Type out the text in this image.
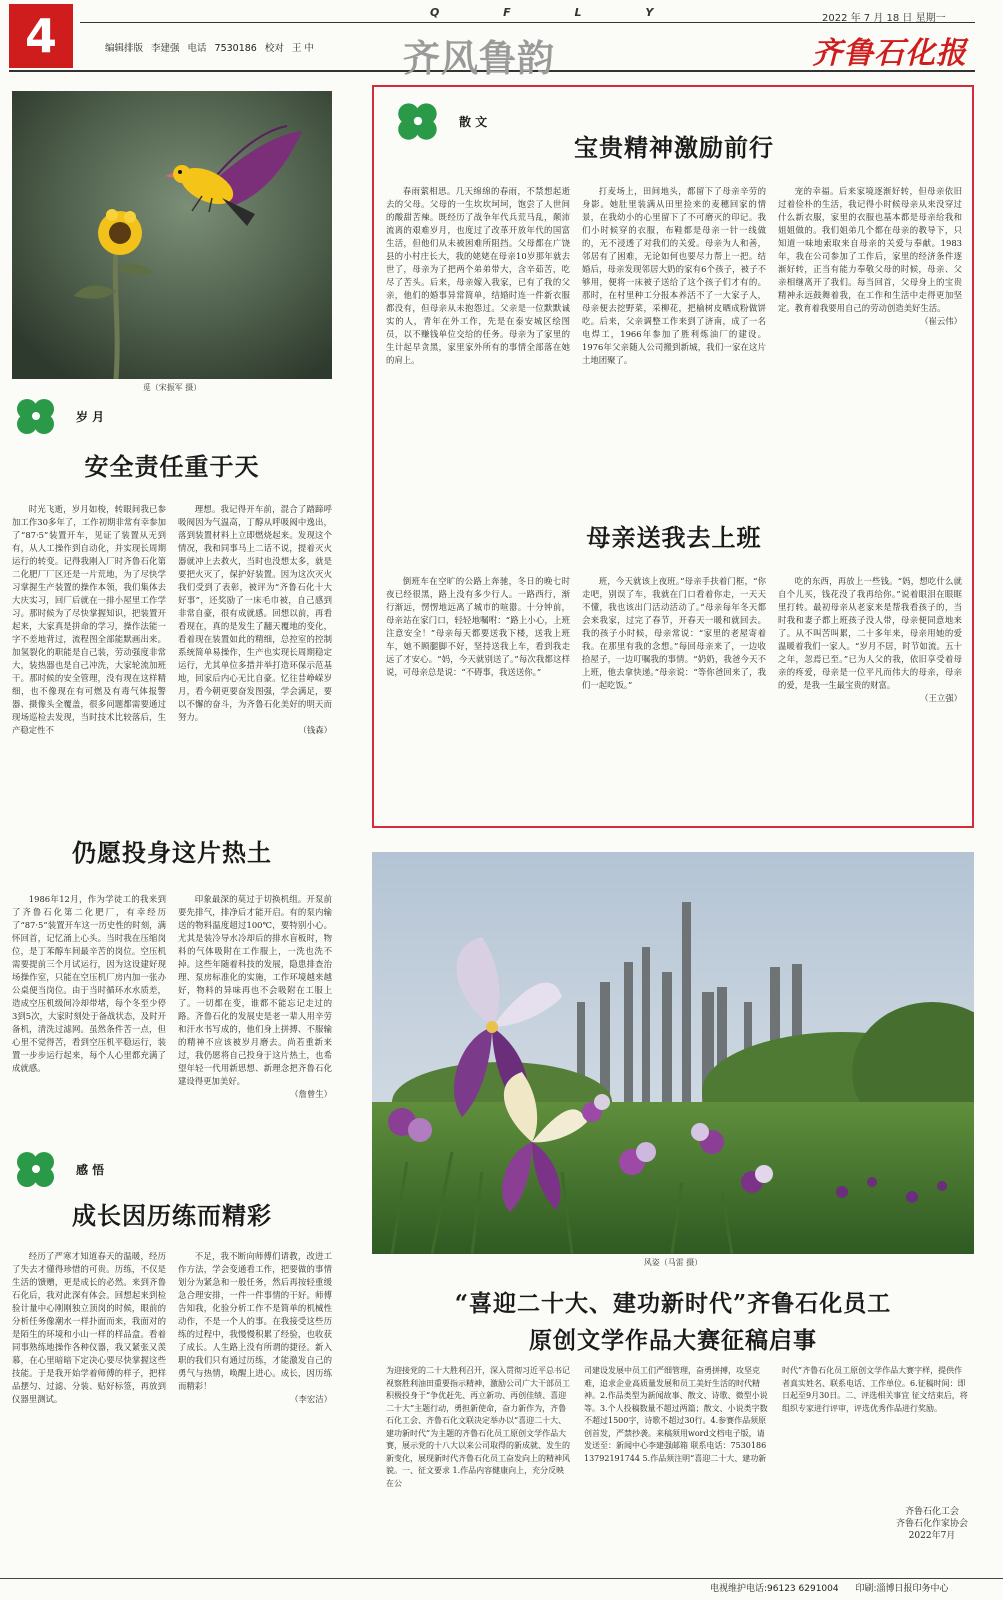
4	Q F L Y
编辑排版 李建强 电话 7530186 校对 王 中 齐风鲁韵
2022 年 7 月 18 日 星期一
齐鲁石化报
觅（宋振军 摄）
岁 月
安全责任重于天

时光飞逝，岁月如梭，转眼间我已参加工作30多年了，工作初期非常有幸参加了“87·5”装置开车，见证了装置从无到有，从人工操作到自动化，并实现长周期运行的转变。记得我刚入厂时齐鲁石化第二化肥厂厂区还是一片荒地，为了尽快学习掌握生产装置的操作本领，我们集体去大庆实习，回厂后就在一排小屋里工作学习。那时候为了尽快掌握知识，把装置开起来，大家真是拼命的学习，操作法能一字不差地背过，流程图全部能默画出来。加氢裂化的职能是自己装，劳动强度非常大，装热器也是自己冲洗，大家轮流加班干。那时候的安全管理，没有现在这样精细，也不像现在有可燃及有毒气体报警器、摄像头全覆盖，很多问题都需要通过现场巡检去发现，当时技术比较落后，生产稳定性不

理想。我记得开车前，混合了踏蹄呼吸阀因为气温高，丁醇从呼吸阀中逸出，落到装置材料上立即燃烧起来。发现这个情况，我和同事马上二话不说，提着灭火器就冲上去救火，当时也没想太多，就是要把火灭了，保护好装置。因为这次灭火我们受到了表彰，被评为“齐鲁石化十大好事”，还奖励了一床毛巾被，自己感到非常自豪，很有成就感。回想以前，再看看现在，真的是发生了翻天覆地的变化，看着现在装置如此的精细，总控室的控制系统简单易操作，生产也实现长周期稳定运行，尤其单位多措并举打造环保示范基地，回家后内心无比自豪。忆往昔峥嵘岁月，看今朝更要奋发图强，学会满足，要以不懈的奋斗，为齐鲁石化美好的明天而努力。

（钱森）
仍愿投身这片热土

1986年12月，作为学徒工的我来到了齐鲁石化第二化肥厂，有幸经历了“87·5”装置开车这一历史性的时刻，满怀回首，记忆涌上心头。当时我在压缩岗位，是丁苯醇车间最辛苦的岗位。空压机需要提前三个月试运行，因为这设建好现场操作室，只能在空压机厂房内加一张办公桌便当岗位。由于当时循环水水质差，造成空压机级间冷却带堵，每个冬至少停3到5次，大家时刻处于备战状态，及时开备机，清洗过滤网。虽然条件苦一点，但心里不觉得苦，看到空压机平稳运行，装置一步步运行起来，每个人心里都充满了成就感。

印象最深的莫过于切换机组。开泵前要先排气，排净后才能开启。有的泵内输送的物料温度超过100℃，要特别小心。尤其是装冷导水冷却后的排水盲板时，物料的气体吸附在工作服上，一洗也洗不掉。这些年随着科技的发展，隐患排查治理、泵房标准化的实施，工作环境越来越好，物料的异味再也不会吸附在工服上了。一切都在变，谁都不能忘记走过的路。齐鲁石化的发展史是老一辈人用辛劳和汗水书写成的，他们身上拼搏、不服输的精神不应该被岁月磨去。尚若重新来过，我仍愿将自己投身于这片热土，也希望年轻一代用新思想、新理念把齐鲁石化建设得更加美好。

（詹曾生）
感 悟
成长因历练而精彩

经历了严寒才知道春天的温暖，经历了失去才懂得珍惜的可贵。历练，不仅是生活的馈赠，更是成长的必然。来到齐鲁石化后，我对此深有体会。回想起来到检验计量中心刚刚独立顶岗的时候，眼前的分析任务像潮水一样扑面而来，我面对的是陌生的环境和小山一样的样品盒。看着同事熟练地操作各种仪器，我又紧张又羡慕，在心里暗暗下定决心要尽快掌握这些技能。于是我开始学着师傅的样子，把样品摆匀、过滤、分装、贴好标签，再放到仪器里测试。

不足，我不断向师傅们请教，改进工作方法，学会变通看工作，把要做的事情划分为紧急和一般任务，然后再按轻重缓急合理安排，一件一件事情的干好。师傅告知我，化验分析工作不是简单的机械性动作，不是一个人的事。在我接受这些历练的过程中，我慢慢积累了经验，也收获了成长。人生路上没有所谓的捷径。新入职的我们只有通过历练，才能激发自己的勇气与热情，唤醒上进心。成长，因历练而精彩！

（李宏洁）
散 文
宝贵精神激励前行

春雨萦相思。几天绵绵的春雨，不禁想起逝去的父母。父母的一生坎坎坷坷，饱尝了人世间的酸甜苦辣。既经历了战争年代兵荒马乱，颠沛流离的艰难岁月，也度过了改革开放年代的国富生活，但他们从未被困难所阻挡。父母都在广饶县的小村庄长大，我的姥姥在母亲10岁那年就去世了，母亲为了把两个弟弟带大，含辛茹苦，吃尽了苦头。后来，母亲嫁入我家，已有了我的父亲，他们的婚事异常简单，结婚时连一件新衣服都没有，但母亲从未抱怨过。父亲是一位默默诚实的人，青年在外工作，先是在泰安城区绘图员，以不赚钱单位交给的任务。母亲为了家里的生计起早贪黑，家里家外所有的事情全部落在她的肩上。

打麦场上，田间地头，都留下了母亲辛劳的身影。她肚里装满从田里捡来的麦穗回家的情景，在我幼小的心里留下了不可磨灭的印记。我们小时候穿的衣服，布鞋都是母亲一针一线做的，无不浸透了对我们的关爱。母亲为人和善，邻居有了困难，无论如何也要尽力帮上一把。结婚后，母亲发现邻居大奶的家有6个孩子，被子不够用，便将一床被子送给了这个孩子们才有的。那时，在村里种工分报本养活不了一大家子人，母亲便去挖野菜，采柳花，把榆树皮晒成粉做饼吃。后来，父亲调整工作来到了济南，成了一名电焊工，1966年参加了胜利炼油厂的建设。1976年父亲随人公司搬到新城，我们一家在这片土地团聚了。

宠的幸福。后来家境逐渐好转，但母亲依旧过着俭朴的生活，我记得小时候母亲从来没穿过什么新衣服，家里的衣服也基本都是母亲给我和姐姐做的。我们姐弟几个都在母亲的教导下，只知道一味地索取来自母亲的关爱与奉献。1983年，我在公司参加了工作后，家里的经济条件逐渐好转，正当有能力奉敬父母的时候，母亲、父亲相继离开了我们。每当回首，父母身上的宝贵精神永远鼓舞着我，在工作和生活中走得更加坚定。教育着我要用自己的劳动创造美好生活。

（崔云伟）
母亲送我去上班

倒班车在空旷的公路上奔驰，冬日的晚七时夜已经很黑，路上没有多少行人。一路西行，渐行渐远，愣愣地远离了城市的喧嚣。十分钟前，母亲站在家门口，轻轻地嘱咐：“路上小心，上班注意安全！”母亲每天都要送我下楼，送我上班车，她不顾腿脚不好，坚持送我上车，看到我走远了才安心。“妈，今天就别送了。”每次我都这样说，可母亲总是说：“不碍事，我送送你。”

班，今天就该上夜班。”母亲手扶着门框，“你走吧，别误了车，我就在门口看着你走，一天天不懂，我也该出门活动活动了。”母亲每年冬天都会来我家，过完了春节，开春天一暖和就回去。我的孩子小时候，母亲常说：“家里的老屋寄着我。在那里有我的念想。”每回母亲来了，一边收拾屋子，一边叮嘱我的事情。“奶奶，我爸今天不上班，他去拿快递。”母亲说：“等你爸回来了，我们一起吃饭。”

吃的东西，再放上一些钱。“妈，想吃什么就自个儿买，钱花没了我再给你。”说着眼泪在眼眶里打转。最初母亲从老家来是帮我看孩子的，当时我和妻子都上班孩子没人带，母亲便同意地来了。从不叫苦叫累，二十多年来，母亲用她的爱温暖着我们一家人。“岁月不居，时节如流。五十之年，忽焉已至。”已为人父的我，依旧享受着母亲的疼爱，母亲是一位平凡而伟大的母亲，母亲的爱，是我一生最宝贵的财富。

（王立强）
风姿（马雷 摄）
“喜迎二十大、建功新时代”齐鲁石化员工
原创文学作品大赛征稿启事

为迎接党的二十大胜利召开，深入贯彻习近平总书记视察胜利油田重要指示精神，激励公司广大干部员工积极投身于“争优赶先、再立新功、再创佳绩、喜迎二十大”主题行动，勇担新使命，奋力新作为，齐鲁石化工会、齐鲁石化文联决定举办以“喜迎二十大、建功新时代”为主题的齐鲁石化员工原创文学作品大赛，展示党的十八大以来公司取得的新成就、发生的新变化，展现新时代齐鲁石化员工奋发向上的精神风貌。一、征文要求 1.作品内容健康向上，充分反映在公

司建设发展中员工们严细管理，奋勇拼搏，攻坚克难，追求企业高质量发展和员工美好生活的时代精神。2.作品类型为新闻故事、散文、诗歌、微型小说等。3.个人投稿数量不超过两篇；散文、小说类字数不超过1500字，诗歌不超过30行。4.参赛作品须原创首发，严禁抄袭。来稿须用word文档电子版，请发送至：新闻中心李建强邮箱 联系电话：7530186 13792191744 5.作品须注明“喜迎二十大、建功新

时代”齐鲁石化员工原创文学作品大赛字样，提供作者真实姓名、联系电话、工作单位。6.征稿时间：即日起至9月30日。二、评选相关事宜 征文结束后，将组织专家进行评审，评选优秀作品进行奖励。

齐鲁石化工会
齐鲁石化作家协会
2022年7月
电视维护电话:96123 6291004 印刷:淄博日报印务中心
